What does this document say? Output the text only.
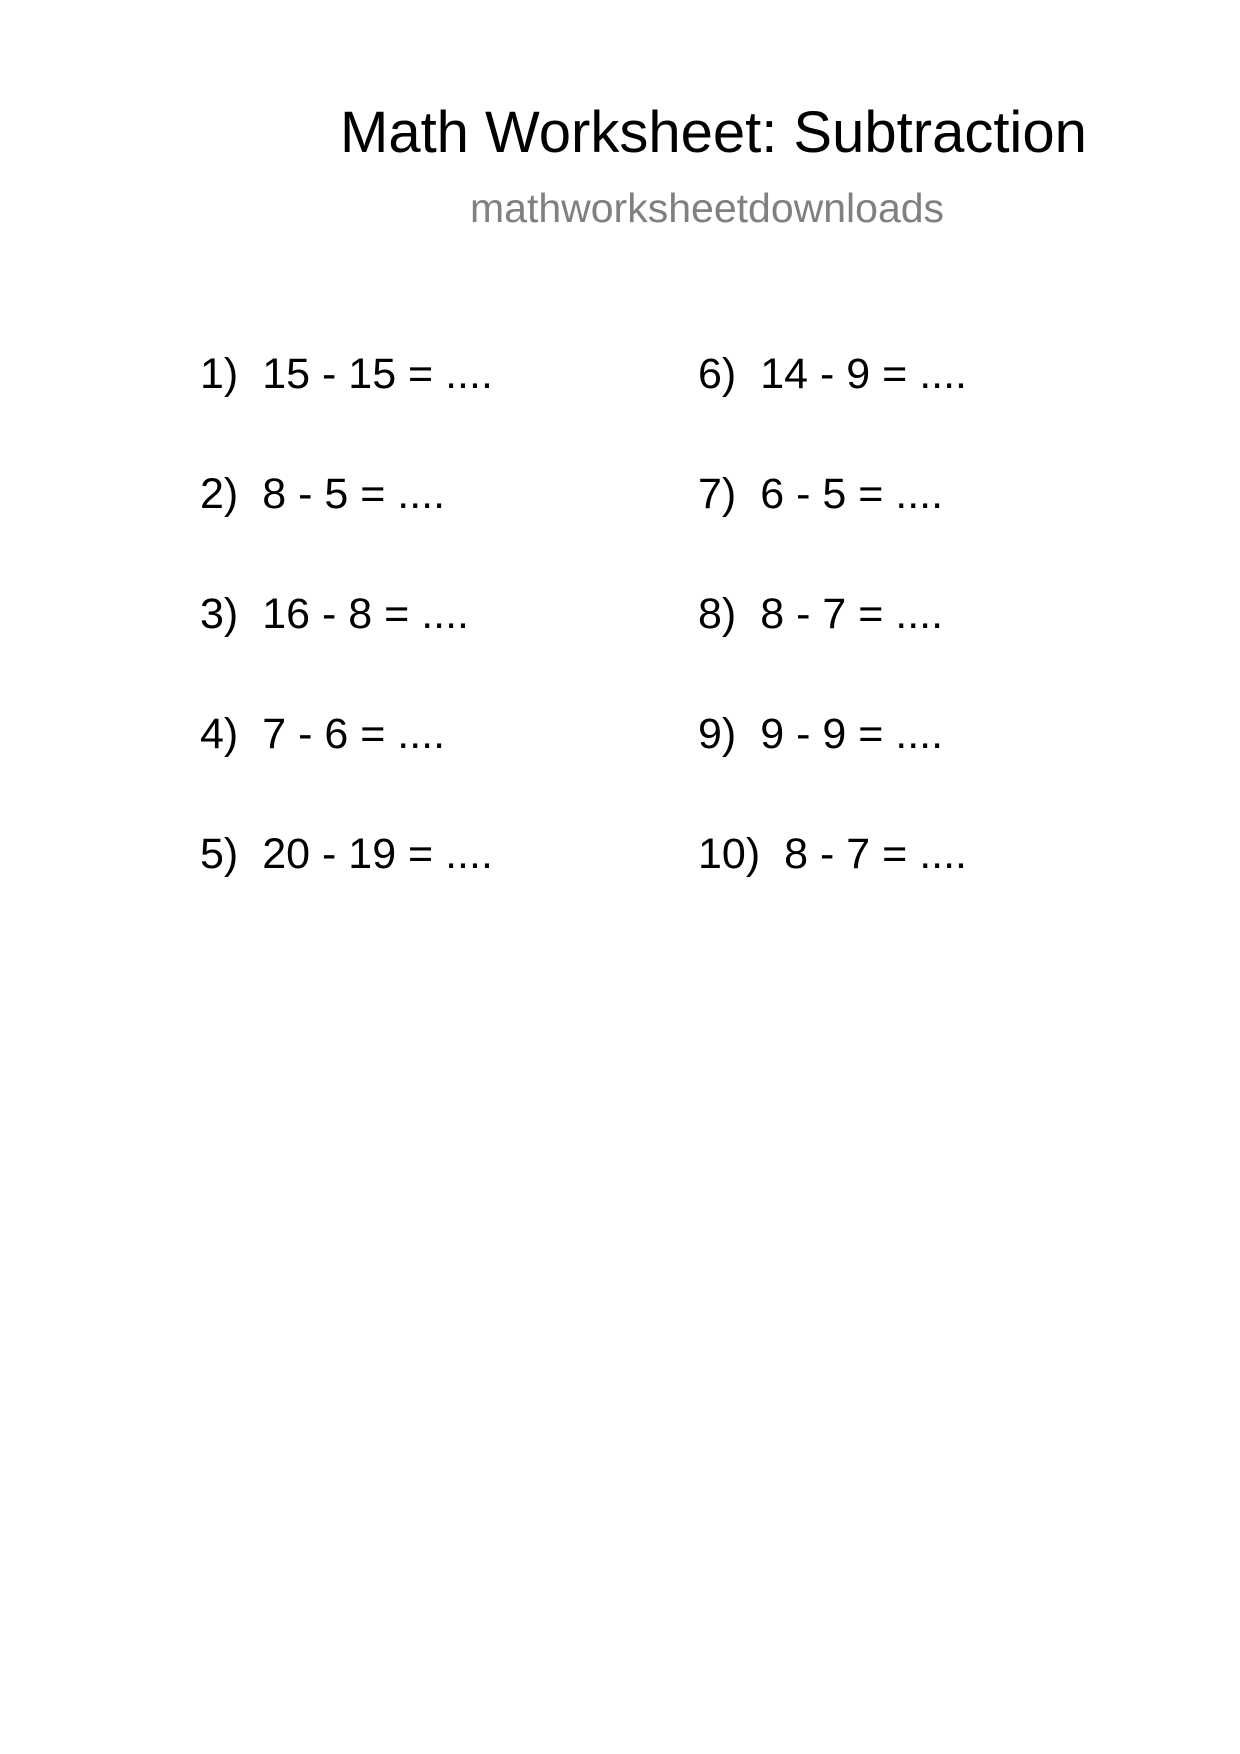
Math Worksheet: Subtraction
mathworksheetdownloads
1) 15 - 15 = ....
2) 8 - 5 = ....
3) 16 - 8 = ....
4) 7 - 6 = ....
5) 20 - 19 = ....
6) 14 - 9 = ....
7) 6 - 5 = ....
8) 8 - 7 = ....
9) 9 - 9 = ....
10) 8 - 7 = ....
